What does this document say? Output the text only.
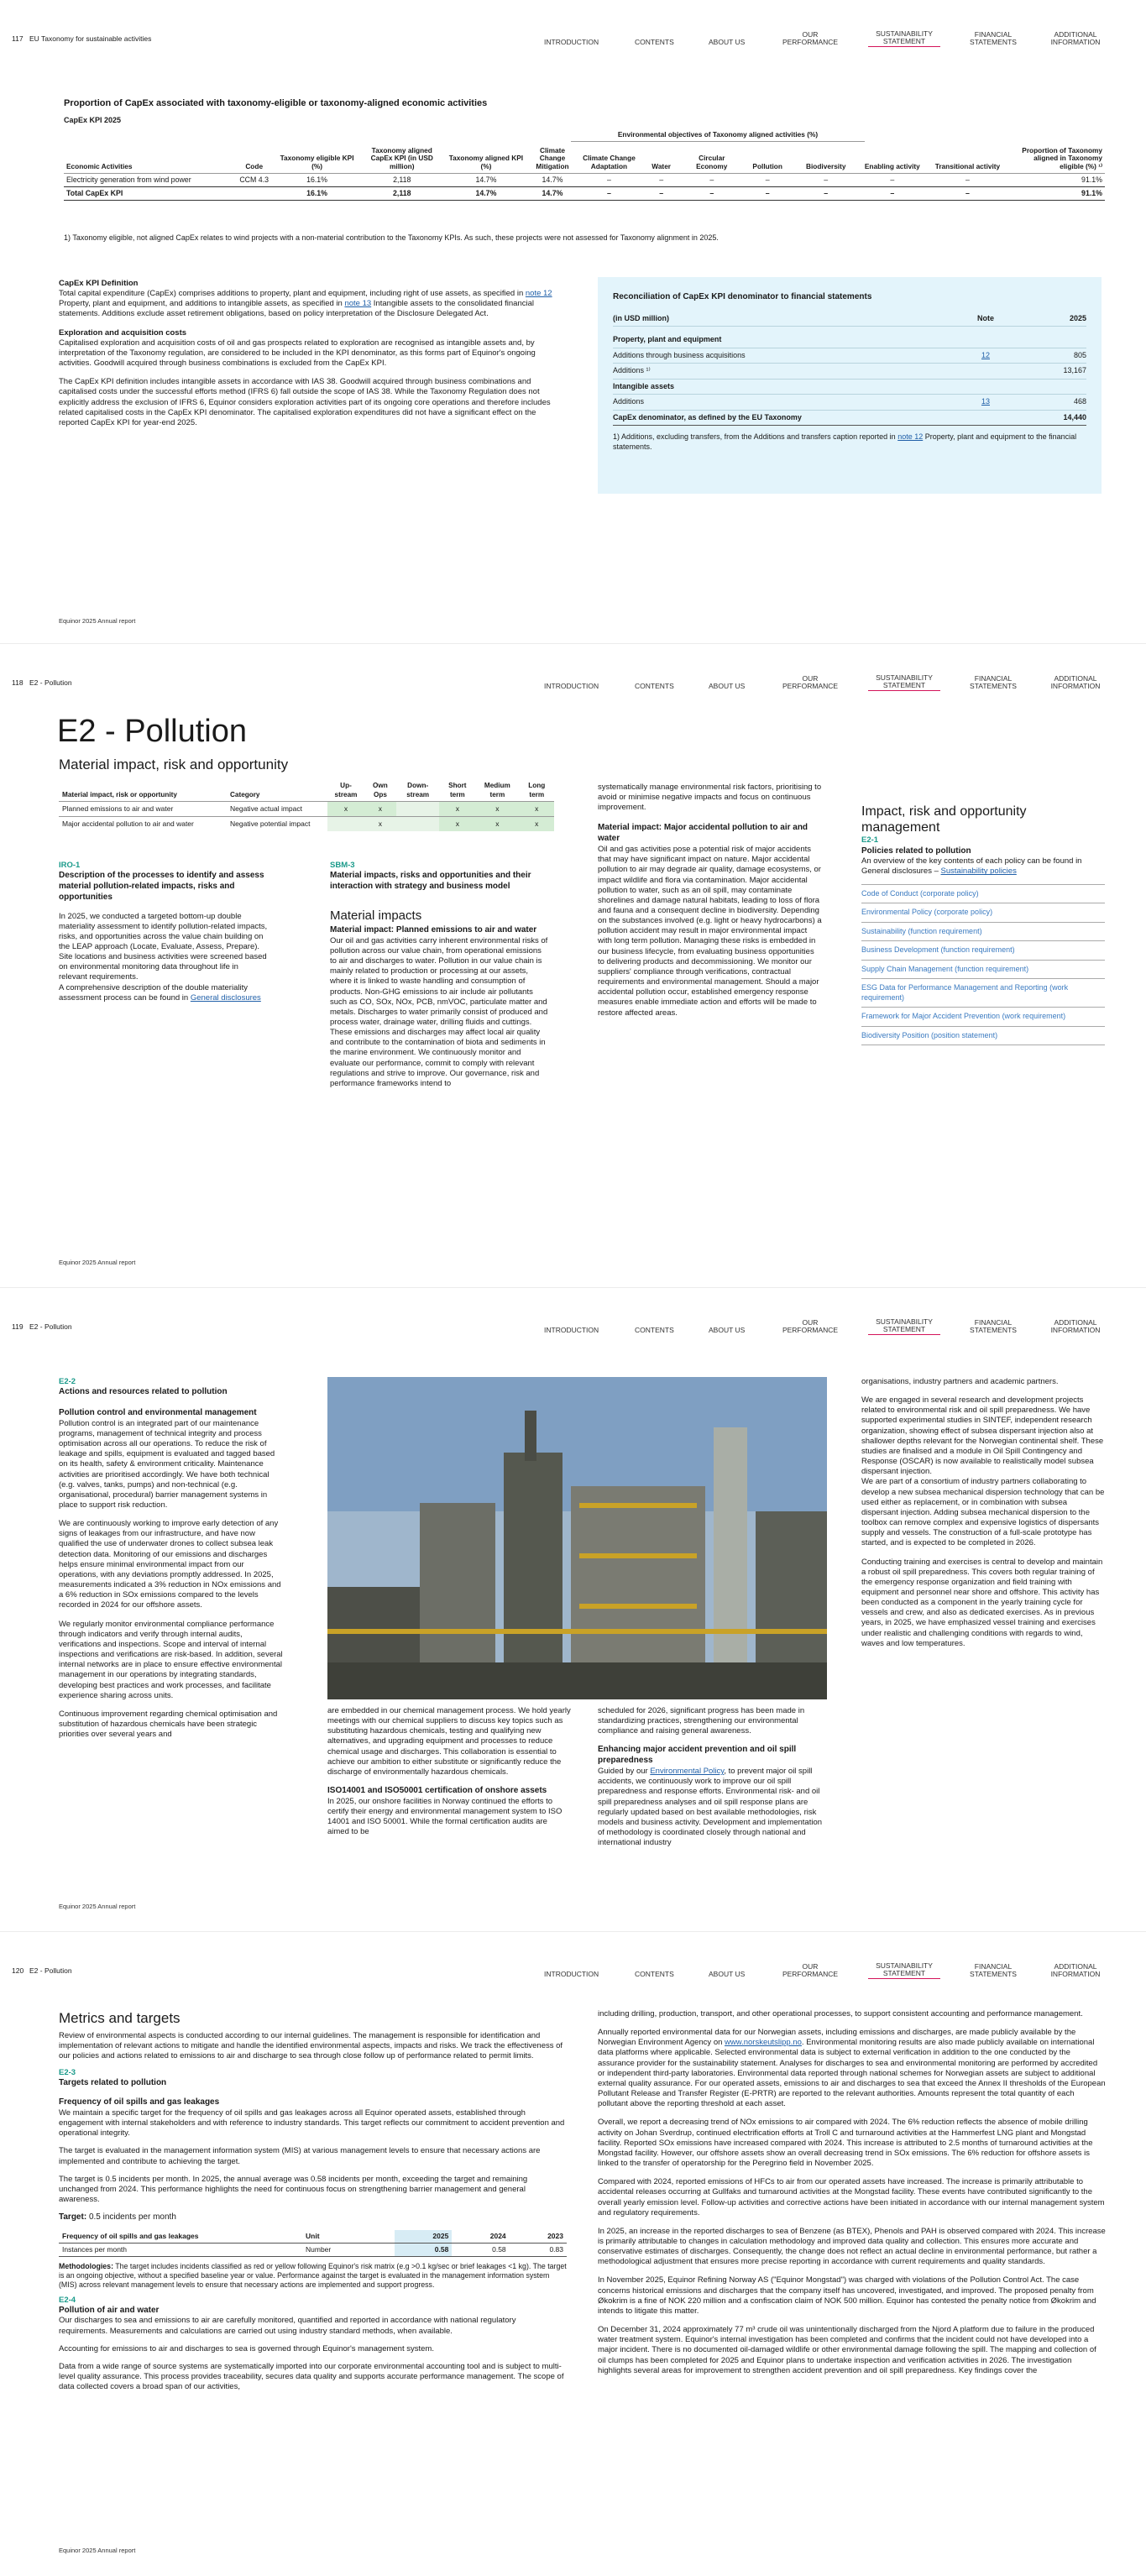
117 EU Taxonomy for sustainable activities	INTRODUCTION	CONTENTS	ABOUT US
OUR PERFORMANCE
SUSTAINABILITY STATEMENT
FINANCIAL STATEMENTS
ADDITIONAL INFORMATION
Proportion of CapEx associated with taxonomy-eligible or taxonomy-aligned economic activities
CapEx KPI 2025
Environmental objectives of Taxonomy aligned activities (%)
Economic Activities	Code	Taxonomy eligible KPI (%)	Taxonomy aligned CapEx KPI (in USD million)	Taxonomy aligned KPI (%)	Climate Change Mitigation	Climate Change Adaptation	Water	Circular Economy	Pollution	Biodiversity	Enabling activity	Transitional activity	Proportion of Taxonomy aligned in Taxonomy eligible (%) ¹⁾
Electricity generation from wind power	CCM 4.3	16.1%	2,118	14.7%	14.7%	–	–	–	–	–	–	–	91.1%
Total CapEx KPI		16.1%	2,118	14.7%	14.7%	–	–	–	–	–	–	–	91.1%
1) Taxonomy eligible, not aligned CapEx relates to wind projects with a non-material contribution to the Taxonomy KPIs. As such, these projects were not assessed for Taxonomy alignment in 2025.
CapEx KPI Definition

Total capital expenditure (CapEx) comprises additions to property, plant and equipment, including right of use assets, as specified in note 12 Property, plant and equipment, and additions to intangible assets, as specified in note 13 Intangible assets to the consolidated financial statements. Additions exclude asset retirement obligations, based on policy interpretation of the Disclosure Delegated Act.

Exploration and acquisition costs

Capitalised exploration and acquisition costs of oil and gas prospects related to exploration are recognised as intangible assets and, by interpretation of the Taxonomy regulation, are considered to be included in the KPI denominator, as this forms part of Equinor's ongoing activities. Goodwill acquired through business combinations is excluded from the CapEx KPI.

The CapEx KPI definition includes intangible assets in accordance with IAS 38. Goodwill acquired through business combinations and capitalised costs under the successful efforts method (IFRS 6) fall outside the scope of IAS 38. While the Taxonomy Regulation does not explicitly address the exclusion of IFRS 6, Equinor considers exploration activities part of its ongoing core operations and therefore includes related capitalised costs in the CapEx KPI denominator. The capitalised exploration expenditures did not have a significant effect on the reported CapEx KPI for year-end 2025.

Reconciliation of CapEx KPI denominator to financial statements
(in USD million)	Note	2025
Property, plant and equipment		
Additions through business acquisitions	12	805
Additions ¹⁾		13,167
Intangible assets		
Additions	13	468
CapEx denominator, as defined by the EU Taxonomy		14,440

1) Additions, excluding transfers, from the Additions and transfers caption reported in note 12 Property, plant and equipment to the financial statements.

Equinor 2025 Annual report
118 E2 - Pollution	INTRODUCTION	CONTENTS	ABOUT US
OUR PERFORMANCE
SUSTAINABILITY STATEMENT
FINANCIAL STATEMENTS
ADDITIONAL INFORMATION
E2 - Pollution
Material impact, risk and opportunity
Material impact, risk or opportunity	Category	Up-stream	Own Ops	Down-stream	Short term	Medium term	Long term
Planned emissions to air and water	Negative actual impact	x	x		x	x	x
Major accidental pollution to air and water	Negative potential impact		x		x	x	x
IRO-1
Description of the processes to identify and assess material pollution-related impacts, risks and opportunities

In 2025, we conducted a targeted bottom-up double materiality assessment to identify pollution-related impacts, risks, and opportunities across the value chain building on the LEAP approach (Locate, Evaluate, Assess, Prepare). Site locations and business activities were screened based on environmental monitoring data throughout life in relevant requirements.

A comprehensive description of the double materiality assessment process can be found in General disclosures

SBM-3
Material impacts, risks and opportunities and their interaction with strategy and business model
Material impacts
Material impact: Planned emissions to air and water

Our oil and gas activities carry inherent environmental risks of pollution across our value chain, from operational emissions to air and discharges to water. Pollution in our value chain is mainly related to production or processing at our assets, where it is linked to waste handling and consumption of products. Non-GHG emissions to air include air pollutants such as CO, SOx, NOx, PCB, nmVOC, particulate matter and metals. Discharges to water primarily consist of produced and process water, drainage water, drilling fluids and cuttings. These emissions and discharges may affect local air quality and contribute to the contamination of biota and sediments in the marine environment. We continuously monitor and evaluate our performance, commit to comply with relevant regulations and strive to improve. Our governance, risk and performance frameworks intend to

systematically manage environmental risk factors, prioritising to avoid or minimise negative impacts and focus on continuous improvement.

Material impact: Major accidental pollution to air and water

Oil and gas activities pose a potential risk of major accidents that may have significant impact on nature. Major accidental pollution to air may degrade air quality, damage ecosystems, or impact wildlife and flora via contamination. Major accidental pollution to water, such as an oil spill, may contaminate shorelines and damage natural habitats, leading to loss of flora and fauna and a consequent decline in biodiversity. Depending on the substances involved (e.g. light or heavy hydrocarbons) a pollution accident may result in major environmental impact with long term pollution. Managing these risks is embedded in our business lifecycle, from evaluating business opportunities to delivering products and decommissioning. We monitor our suppliers' compliance through verifications, contractual requirements and environmental management. Should a major accidental pollution occur, established emergency response measures enable immediate action and efforts will be made to restore affected areas.

Impact, risk and opportunity management
E2-1
Policies related to pollution

An overview of the key contents of each policy can be found in General disclosures – Sustainability policies

Code of Conduct (corporate policy)
Environmental Policy (corporate policy)
Sustainability (function requirement)
Business Development (function requirement)
Supply Chain Management (function requirement)
ESG Data for Performance Management and Reporting (work requirement)
Framework for Major Accident Prevention (work requirement)
Biodiversity Position (position statement)
Equinor 2025 Annual report
119 E2 - Pollution	INTRODUCTION	CONTENTS	ABOUT US
OUR PERFORMANCE
SUSTAINABILITY STATEMENT
FINANCIAL STATEMENTS
ADDITIONAL INFORMATION
E2-2
Actions and resources related to pollution
Pollution control and environmental management

Pollution control is an integrated part of our maintenance programs, management of technical integrity and process optimisation across all our operations. To reduce the risk of leakage and spills, equipment is evaluated and tagged based on its health, safety & environment criticality. Maintenance activities are prioritised accordingly. We have both technical (e.g. valves, tanks, pumps) and non-technical (e.g. organisational, procedural) barrier management systems in place to support risk reduction.

We are continuously working to improve early detection of any signs of leakages from our infrastructure, and have now qualified the use of underwater drones to collect subsea leak detection data. Monitoring of our emissions and discharges helps ensure minimal environmental impact from our operations, with any deviations promptly addressed. In 2025, measurements indicated a 3% reduction in NOx emissions and a 6% reduction in SOx emissions compared to the levels recorded in 2024 for our offshore assets.

We regularly monitor environmental compliance performance through indicators and verify through internal audits, verifications and inspections. Scope and interval of internal inspections and verifications are risk-based. In addition, several internal networks are in place to ensure effective environmental management in our operations by integrating standards, developing best practices and work processes, and facilitate experience sharing across units.

Continuous improvement regarding chemical optimisation and substitution of hazardous chemicals have been strategic priorities over several years and

are embedded in our chemical management process. We hold yearly meetings with our chemical suppliers to discuss key topics such as substituting hazardous chemicals, testing and qualifying new alternatives, and upgrading equipment and processes to reduce chemical usage and discharges. This collaboration is essential to achieve our ambition to either substitute or significantly reduce the discharge of environmentally hazardous chemicals.

ISO14001 and ISO50001 certification of onshore assets

In 2025, our onshore facilities in Norway continued the efforts to certify their energy and environmental management system to ISO 14001 and ISO 50001. While the formal certification audits are aimed to be

scheduled for 2026, significant progress has been made in standardizing practices, strengthening our environmental compliance and raising general awareness.

Enhancing major accident prevention and oil spill preparedness

Guided by our Environmental Policy, to prevent major oil spill accidents, we continuously work to improve our oil spill preparedness and response efforts. Environmental risk- and oil spill preparedness analyses and oil spill response plans are regularly updated based on best available methodologies, risk models and business activity. Development and implementation of methodology is coordinated closely through national and international industry

organisations, industry partners and academic partners.

We are engaged in several research and development projects related to environmental risk and oil spill preparedness. We have supported experimental studies in SINTEF, independent research organization, showing effect of subsea dispersant injection also at shallower depths relevant for the Norwegian continental shelf. These studies are finalised and a module in Oil Spill Contingency and Response (OSCAR) is now available to realistically model subsea dispersant injection.

We are part of a consortium of industry partners collaborating to develop a new subsea mechanical dispersion technology that can be used either as replacement, or in combination with subsea dispersant injection. Adding subsea mechanical dispersion to the toolbox can remove complex and expensive logistics of dispersants supply and vessels. The construction of a full-scale prototype has started, and is expected to be completed in 2026.

Conducting training and exercises is central to develop and maintain a robust oil spill preparedness. This covers both regular training of the emergency response organization and field training with equipment and personnel near shore and offshore. This activity has been conducted as a component in the yearly training cycle for vessels and crew, and also as dedicated exercises. As in previous years, in 2025, we have emphasized vessel training and exercises under realistic and challenging conditions with regards to wind, waves and low temperatures.

Equinor 2025 Annual report
120 E2 - Pollution	INTRODUCTION	CONTENTS	ABOUT US
OUR PERFORMANCE
SUSTAINABILITY STATEMENT
FINANCIAL STATEMENTS
ADDITIONAL INFORMATION
Metrics and targets

Review of environmental aspects is conducted according to our internal guidelines. The management is responsible for identification and implementation of relevant actions to mitigate and handle the identified environmental aspects, impacts and risks. We track the effectiveness of our policies and actions related to emissions to air and discharge to sea through close follow up of performance related to permit limits.

E2-3
Targets related to pollution
Frequency of oil spills and gas leakages

We maintain a specific target for the frequency of oil spills and gas leakages across all Equinor operated assets, established through engagement with internal stakeholders and with reference to industry standards. This target reflects our commitment to accident prevention and operational integrity.

The target is evaluated in the management information system (MIS) at various management levels to ensure that necessary actions are implemented and contribute to achieving the target.

The target is 0.5 incidents per month. In 2025, the annual average was 0.58 incidents per month, exceeding the target and remaining unchanged from 2024. This performance highlights the need for continuous focus on strengthening barrier management and general awareness.

Target: 0.5 incidents per month
Frequency of oil spills and gas leakages	Unit	2025	2024	2023
Instances per month	Number	0.58	0.58	0.83

Methodologies: The target includes incidents classified as red or yellow following Equinor's risk matrix (e.g >0.1 kg/sec or brief leakages <1 kg). The target is an ongoing objective, without a specified baseline year or value. Performance against the target is evaluated in the management information system (MIS) across relevant management levels to ensure that necessary actions are implemented and support progress.

E2-4
Pollution of air and water

Our discharges to sea and emissions to air are carefully monitored, quantified and reported in accordance with national regulatory requirements. Measurements and calculations are carried out using industry standard methods, when available.

Accounting for emissions to air and discharges to sea is governed through Equinor's management system.

Data from a wide range of source systems are systematically imported into our corporate environmental accounting tool and is subject to multi-level quality assurance. This process provides traceability, secures data quality and supports accurate performance management. The scope of data collected covers a broad span of our activities,

including drilling, production, transport, and other operational processes, to support consistent accounting and performance management.

Annually reported environmental data for our Norwegian assets, including emissions and discharges, are made publicly available by the Norwegian Environment Agency on www.norskeutslipp.no. Environmental monitoring results are also made publicly available on international data platforms where applicable. Selected environmental data is subject to external verification in addition to the one conducted by the assurance provider for the sustainability statement. Analyses for discharges to sea and environmental monitoring are performed by accredited or independent third-party laboratories. Environmental data reported through national schemes for Norwegian assets are subject to additional external quality assurance. For our operated assets, emissions to air and discharges to sea that exceed the Annex II thresholds of the European Pollutant Release and Transfer Register (E-PRTR) are reported to the relevant authorities. Amounts represent the total quantity of each pollutant above the reporting threshold at each asset.

Overall, we report a decreasing trend of NOx emissions to air compared with 2024. The 6% reduction reflects the absence of mobile drilling activity on Johan Sverdrup, continued electrification efforts at Troll C and turnaround activities at the Hammerfest LNG plant and Mongstad facility. Reported SOx emissions have increased compared with 2024. This increase is attributed to 2.5 months of turnaround activities at the Mongstad facility. However, our offshore assets show an overall decreasing trend in SOx emissions. The 6% reduction for offshore assets is linked to the transfer of operatorship for the Peregrino field in November 2025.

Compared with 2024, reported emissions of HFCs to air from our operated assets have increased. The increase is primarily attributable to accidental releases occurring at Gullfaks and turnaround activities at the Mongstad facility. These events have contributed significantly to the overall yearly emission level. Follow-up activities and corrective actions have been initiated in accordance with our internal management system and regulatory requirements.

In 2025, an increase in the reported discharges to sea of Benzene (as BTEX), Phenols and PAH is observed compared with 2024. This increase is primarily attributable to changes in calculation methodology and improved data quality and collection. This ensures more accurate and conservative estimates of discharges. Consequently, the change does not reflect an actual decline in environmental performance, but rather a methodological adjustment that ensures more precise reporting in accordance with current requirements and quality standards.

In November 2025, Equinor Refining Norway AS ("Equinor Mongstad") was charged with violations of the Pollution Control Act. The case concerns historical emissions and discharges that the company itself has uncovered, investigated, and improved. The proposed penalty from Økokrim is a fine of NOK 220 million and a confiscation claim of NOK 500 million. Equinor has contested the penalty notice from Økokrim and intends to litigate this matter.

On December 31, 2024 approximately 77 m³ crude oil was unintentionally discharged from the Njord A platform due to failure in the produced water treatment system. Equinor's internal investigation has been completed and confirms that the incident could not have developed into a major incident. There is no documented oil-damaged wildlife or other environmental damage following the spill. The mapping and collection of oil clumps has been completed for 2025 and Equinor plans to undertake inspection and verification activities in 2026. The investigation highlights several areas for improvement to strengthen accident prevention and oil spill preparedness. Key findings cover the

Equinor 2025 Annual report
